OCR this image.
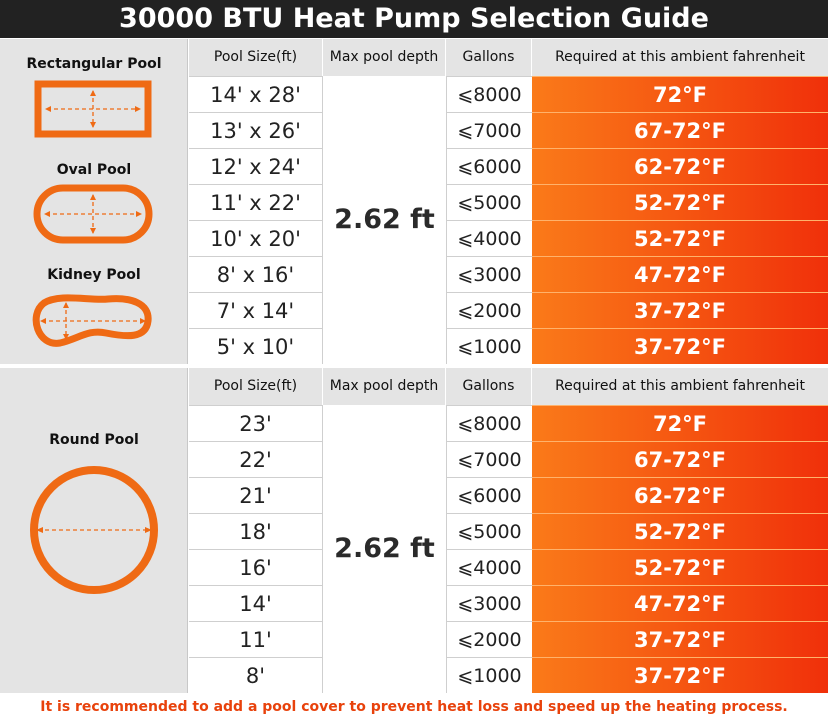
30000 BTU Heat Pump Selection Guide
Rectangular Pool
Oval Pool
Kidney Pool
Pool Size(ft)	Max pool depth	Gallons	Required at this ambient fahrenheit
2.62 ft
14' x 28'	⩽8000	72°F
13' x 26'	⩽7000	67-72°F
12' x 24'	⩽6000	62-72°F
11' x 22'	⩽5000	52-72°F
10' x 20'	⩽4000	52-72°F
8' x 16'	⩽3000	47-72°F
7' x 14'	⩽2000	37-72°F
5' x 10'	⩽1000	37-72°F
Round Pool
Pool Size(ft)	Max pool depth	Gallons	Required at this ambient fahrenheit
2.62 ft
23'	⩽8000	72°F
22'	⩽7000	67-72°F
21'	⩽6000	62-72°F
18'	⩽5000	52-72°F
16'	⩽4000	52-72°F
14'	⩽3000	47-72°F
11'	⩽2000	37-72°F
8'	⩽1000	37-72°F
It is recommended to add a pool cover to prevent heat loss and speed up the heating process.
